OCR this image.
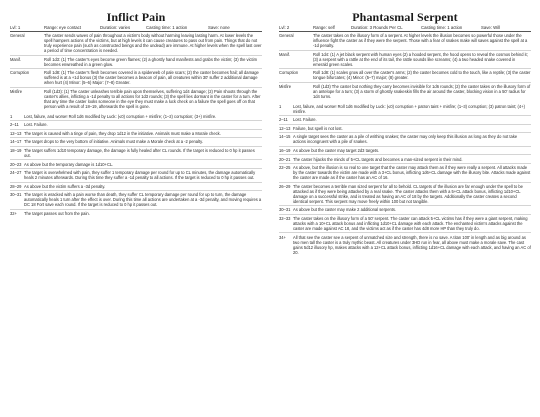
Inflict Pain
Lvl: 1	Range: eye contact	Duration: varies	Casting time: 1 action	Save: none
General	The caster sends waves of pain throughout a victim's body without harming leaving lasting harm. At lower levels the spell hampers actions of the victims, but at high levels it can cause creatures to pass out from pain. Things that do not truly experience pain (such as constructed beings and the undead) are immune. At higher levels when the spell last over a period of time concentration is needed.
Manif.	Roll 1d3: (1) The caster's eyes become green flames; (2) a ghostly hand manifests and grabs the victim; (3) the victim becomes enwreathed in a green glow.
Corruption	Roll 1d8: (1) The caster's flesh becomes covered in a spiderweb of pale scars; (2) the caster becomes frail; all damage suffered is at a +1d bonus (3) the caster becomes a beacon of pain, all creatures within 30' suffer 2 additional damage when hurt (4) Minor: (5–6) Major: (7–8) Greater.
Misfire	Roll (1d3): (1) The caster unleashes terrible pain upon themselves, suffering 1d4 damage; (2) Pain shoots through the caster's allies, inflicting a -1d penalty to all actions for 1d3 rounds; (3) the spell lies dormant in the caster for a turn. After that any time the caster looks someone in the eye they must make a luck check on a failure the spell goes off on that person with a result of 18–19, afterwards the spell is gone.
1	Lost, failure, and worse! Roll 1d6 modified by Luck: (≤0) corruption + misfire; (1–2) corruption; (3+) misfire.
2–11	Lost. Failure.
12–13 The target is caused with a tinge of pain, they drop 1d12 in the initiative. Animals must make a Morale check.
14–17 The target drops to the very bottom of initiative. Animals must make a Morale check at a -2 penalty.
18–19 The target suffers 1d10 temporary damage, the damage is fully healed after CL rounds. If the target is reduced to 0 hp it passes out.
20–23 As above but the temporary damage is 1d10+CL.
24–27 The target is overwhelmed with pain, they suffer 1 temporary damage per round for up to CL minutes, the damage automatically heals 2 minutes afterwards. During this time they suffer a -1d penalty to all actions. If the target is reduced to 0 hp it passes out.
28–29 As above but the victim suffers a -3d penalty.
30–31 The target is wracked with a pain worse than death, they suffer CL temporary damage per round for up to turn, the damage automatically heals 1 turn after the effect is over. During this time all actions are undertaken at a -3d penalty, and moving requires a DC 18 Fort save each round. If the target is reduced to 0 hp it passes out.
32+	The target passes out from the pain.
Phantasmal Serpent
Lvl: 2	Range: self	Duration: 3 Rounds Per CL	Casting time: 1 action	Save: Will
General	The caster takes on the illusory form of a serpent. At higher levels the illusion becomes so powerful those under the influence fight the caster as if they were the serpent. Those with a fear of snakes make will saves against the spell at a -1d penalty.
Manif.	Roll 1d4: (1) A jet black serpent with human eyes (2) a hooded serpent, the hood opens to reveal the cosmos behind it; (3) a serpent with a rattle at the end of its tail, the rattle sounds like screams; (4) a two headed snake covered in emerald green scales.
Corruption	Roll 1d8: (1) scales grow all over the caster's arms; (2) the caster becomes cold to the touch, like a reptile; (3) the caster tongue bifurcates; (4) Minor: (5–7) major; (8) greater.
Misfire	Roll (1d3) The caster but nothing they carry becomes invisible for 1d6 rounds; (2) the caster takes on the illusory form of an antelope for a turn; (3) a storm of ghostly snakeskin fills the air around the caster, blocking vision in a 50' radius for 1d4 turns.
1	Lost, failure, and worse! Roll 1d6 modified by Luck: (≤0) corruption + patron taint + misfire; (1–3) corruption; (3) patron taint; (4+) misfire.
2–11	Lost. Failure.
12–13 Failure, but spell is not lost.
14–15 A single target sees the caster as a pile of writhing snakes; the caster may only keep this illusion as long as they do not take actions incongruent with a pile of snakes.
16–19 As above but the caster may target 2d3 targets.
20–21 The caster hijacks the minds of 5+CL targets and becomes a man-sized serpent in their mind.
22–25 As above, but the illusion is so real to one target that the caster may attack them as if they were really a serpent. All attacks made by the caster towards the victim are made with a 3+CL bonus, inflicting 1d6+CL damage with the illusory bite. Attacks made against the caster are made as if the caster has an AC of 16.
26–29 The caster becomes a terrible man sized serpent for all to behold. CL targets of the illusion are far enough under the spell to be attacked as if they were being attacked by a real snake. The caster attacks them with a 5+CL attack bonus, inflicting 1d10+CL damage on a successful strike, and is treated as having an AC of 18 by the targets. Additionally the caster creates a second identical serpent. This serpent may move freely within 100 but not tangible.
30–31 As above but the caster may make 2 additional serpents.
32–33 The caster takes on the illusory form of a 50' serpent. The caster can attack 5+CL victims has if they were a giant serpent, making attacks with a 10+CL attack bonus and inflicting 1d10+CL damage with each attack. The enchanted victim's attacks against the caster are made against AC 18, and the victims act as if the caster has 4d8 more HP than they truly do.
34+	All that see the caster see a serpent of unmatched size and strength, there is no save. A titan 100' in length and as big around as two men tall the caster is a truly mythic beast. All creatures under 3HD run in fear, all above must make a morale save. The cast gains 5d12 illusory hp, makes attacks with a 12+CL attack bonus, inflicting 1d16+CL damage with each attack, and having an AC of 20.
